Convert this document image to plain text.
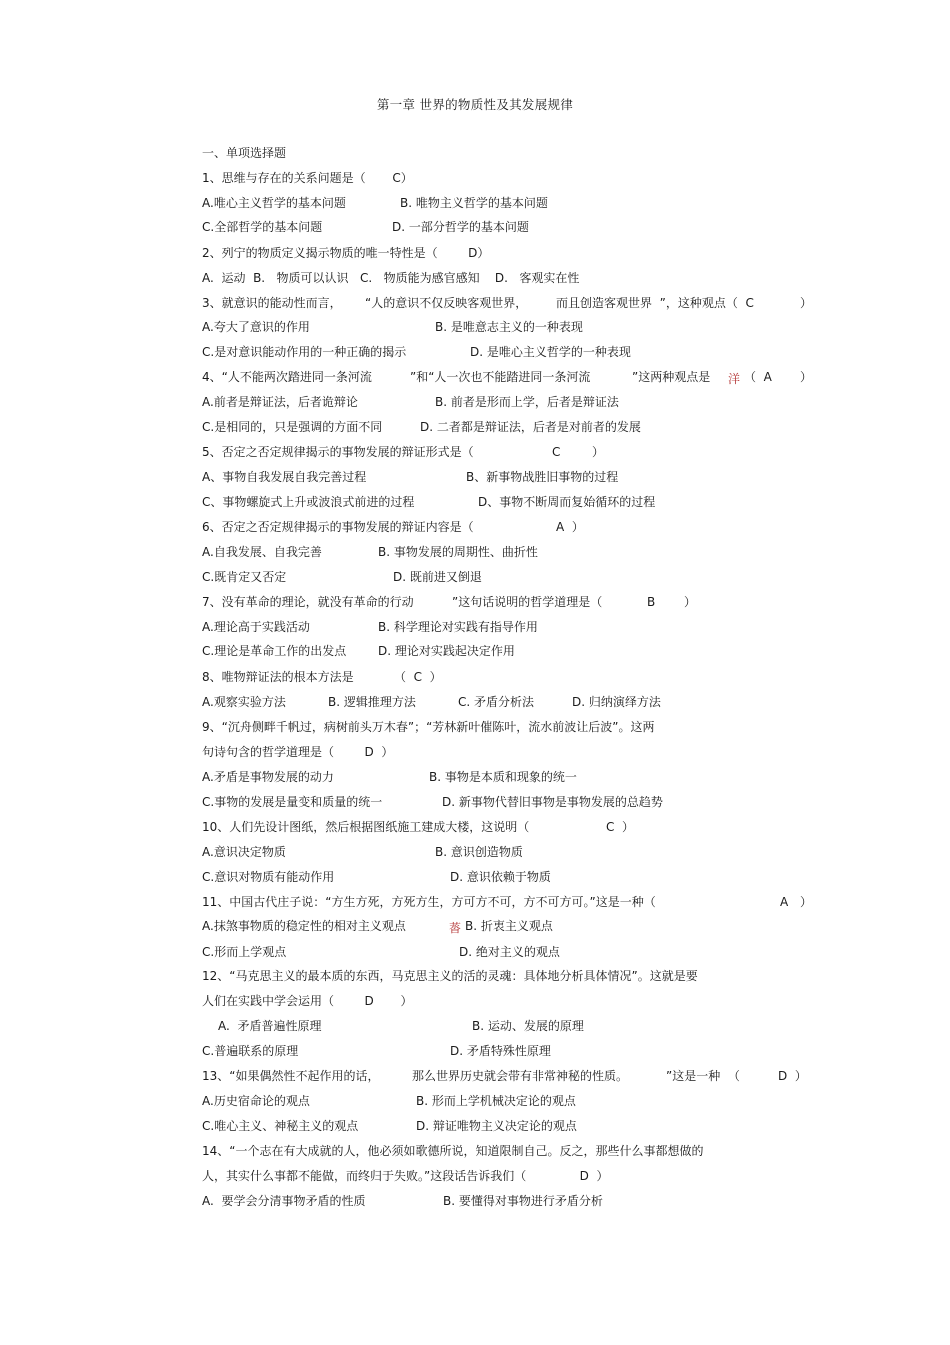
第一章 世界的物质性及其发展规律
一、单项选择题
1、思维与存在的关系问题是（       C）
A.唯心主义哲学的基本问题	B. 唯物主义哲学的基本问题
C.全部哲学的基本问题	D. 一部分哲学的基本问题
2、列宁的物质定义揭示物质的唯一特性是（        D）
A.  运动  B.   物质可以认识   C.   物质能为感官感知    D.   客观实在性
3、就意识的能动性而言， “人的意识不仅反映客观世界， 而且创造客观世界  ”，这种观点（  C	）
A.夸大了意识的作用	B. 是唯意志主义的一种表现
C.是对意识能动作用的一种正确的揭示	D. 是唯心主义哲学的一种表现
4、“人不能两次踏进同一条河流	”和“人一次也不能踏进同一条河流	”这两种观点是 洋 （  A ）
A.前者是辩证法，后者诡辩论	B. 前者是形而上学，后者是辩证法
C.是相同的，只是强调的方面不同	D. 二者都是辩证法，后者是对前者的发展
5、否定之否定规律揭示的事物发展的辩证形式是（	C	）
A、事物自我发展自我完善过程	B、新事物战胜旧事物的过程
C、事物螺旋式上升或波浪式前进的过程	D、事物不断周而复始循环的过程
6、否定之否定规律揭示的事物发展的辩证内容是（	A  ）
A.自我发展、自我完善	B. 事物发展的周期性、曲折性
C.既肯定又否定	D. 既前进又倒退
7、没有革命的理论，就没有革命的行动	”这句话说明的哲学道理是（	B ）
A.理论高于实践活动	B. 科学理论对实践有指导作用
C.理论是革命工作的出发点	D. 理论对实践起决定作用
8、唯物辩证法的根本方法是	（  C  ）
A.观察实验方法	B. 逻辑推理方法	C. 矛盾分析法	D. 归纳演绎方法
9、“沉舟侧畔千帆过，病树前头万木春”；“芳林新叶催陈叶，流水前波让后波”。这两
句诗句含的哲学道理是（        D  ）
A.矛盾是事物发展的动力	B. 事物是本质和现象的统一
C.事物的发展是量变和质量的统一	D. 新事物代替旧事物是事物发展的总趋势
10、人们先设计图纸，然后根据图纸施工建成大楼，这说明（	C  ）
A.意识决定物质	B. 意识创造物质
C.意识对物质有能动作用	D. 意识依赖于物质
11、中国古代庄子说：“方生方死，方死方生，方可方不可，方不可方可。”这是一种（	A ）
A.抹煞事物质的稳定性的相对主义观点	䓠 B. 折衷主义观点
C.形而上学观点	D. 绝对主义的观点
12、“马克思主义的最本质的东西，马克思主义的活的灵魂：具体地分析具体情况”。这就是要
人们在实践中学会运用（        D       ）
A.  矛盾普遍性原理	B. 运动、发展的原理
C.普遍联系的原理	D. 矛盾特殊性原理
13、“如果偶然性不起作用的话，	那么世界历史就会带有非常神秘的性质。	”这是一种  （	D  ）
A.历史宿命论的观点	B. 形而上学机械决定论的观点
C.唯心主义、神秘主义的观点	D. 辩证唯物主义决定论的观点
14、“一个志在有大成就的人，他必须如歌德所说，知道限制自己。反之，那些什么事都想做的
人，其实什么事都不能做，而终归于失败。”这段话告诉我们（              D  ）
A.  要学会分清事物矛盾的性质	B. 要懂得对事物进行矛盾分析
